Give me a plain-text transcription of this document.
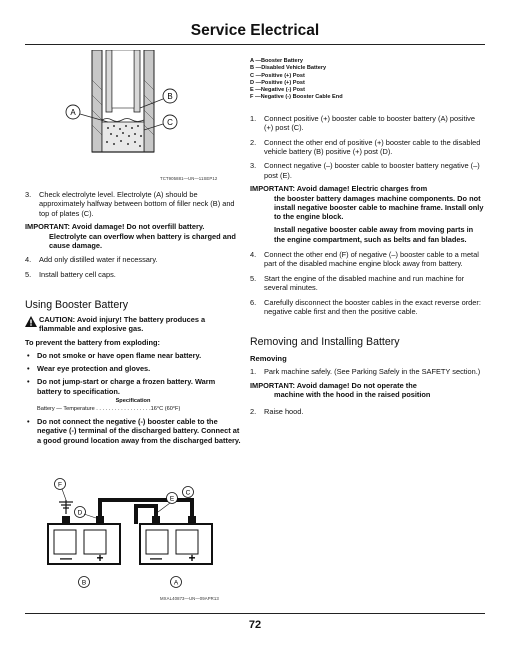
Service Electrical
A
B
C
TCT905881—UN—11SEP12
3. Check electrolyte level. Electrolyte (A) should be approximately halfway between bottom of filler neck (B) and top of plates (C).
IMPORTANT: Avoid damage! Do not overfill battery.
Electrolyte can overflow when battery is charged and cause damage.
4. Add only distilled water if necessary.
5. Install battery cell caps.
Using Booster Battery
CAUTION: Avoid injury! The battery produces a flammable and explosive gas.
To prevent the battery from exploding:
• Do not smoke or have open flame near battery.
• Wear eye protection and gloves.
• Do not jump-start or charge a frozen battery. Warm battery to specification.
Specification
Battery — Temperature . . . . . . . . . . . . . . . . . .16°C (60°F)
• Do not connect the negative (-) booster cable to the negative (-) terminal of the discharged battery. Connect at a good ground location away from the discharged battery.
F
E
C
D
B	A
— +	— +
MXAL40873—UN—09APR13
A —Booster Battery
B —Disabled Vehicle Battery
C —Positive (+) Post
D —Positive (+) Post
E —Negative (-) Post
F —Negative (-) Booster Cable End
1. Connect positive (+) booster cable to booster battery (A) positive (+) post (C).
2. Connect the other end of positive (+) booster cable to the disabled vehicle battery (B) positive (+) post (D).
3. Connect negative (–) booster cable to booster battery negative (–) post (E).
IMPORTANT: Avoid damage! Electric charges from
the booster battery damages machine components. Do not install negative booster cable to machine frame. Install only to the engine block.
Install negative booster cable away from moving parts in the engine compartment, such as belts and fan blades.
4. Connect the other end (F) of negative (–) booster cable to a metal part of the disabled machine engine block away from battery.
5. Start the engine of the disabled machine and run machine for several minutes.
6. Carefully disconnect the booster cables in the exact reverse order: negative cable first and then the positive cable.
Removing and Installing Battery
Removing
1. Park machine safely. (See Parking Safely in the SAFETY section.)
IMPORTANT: Avoid damage! Do not operate the
machine with the hood in the raised position
2. Raise hood.
72
